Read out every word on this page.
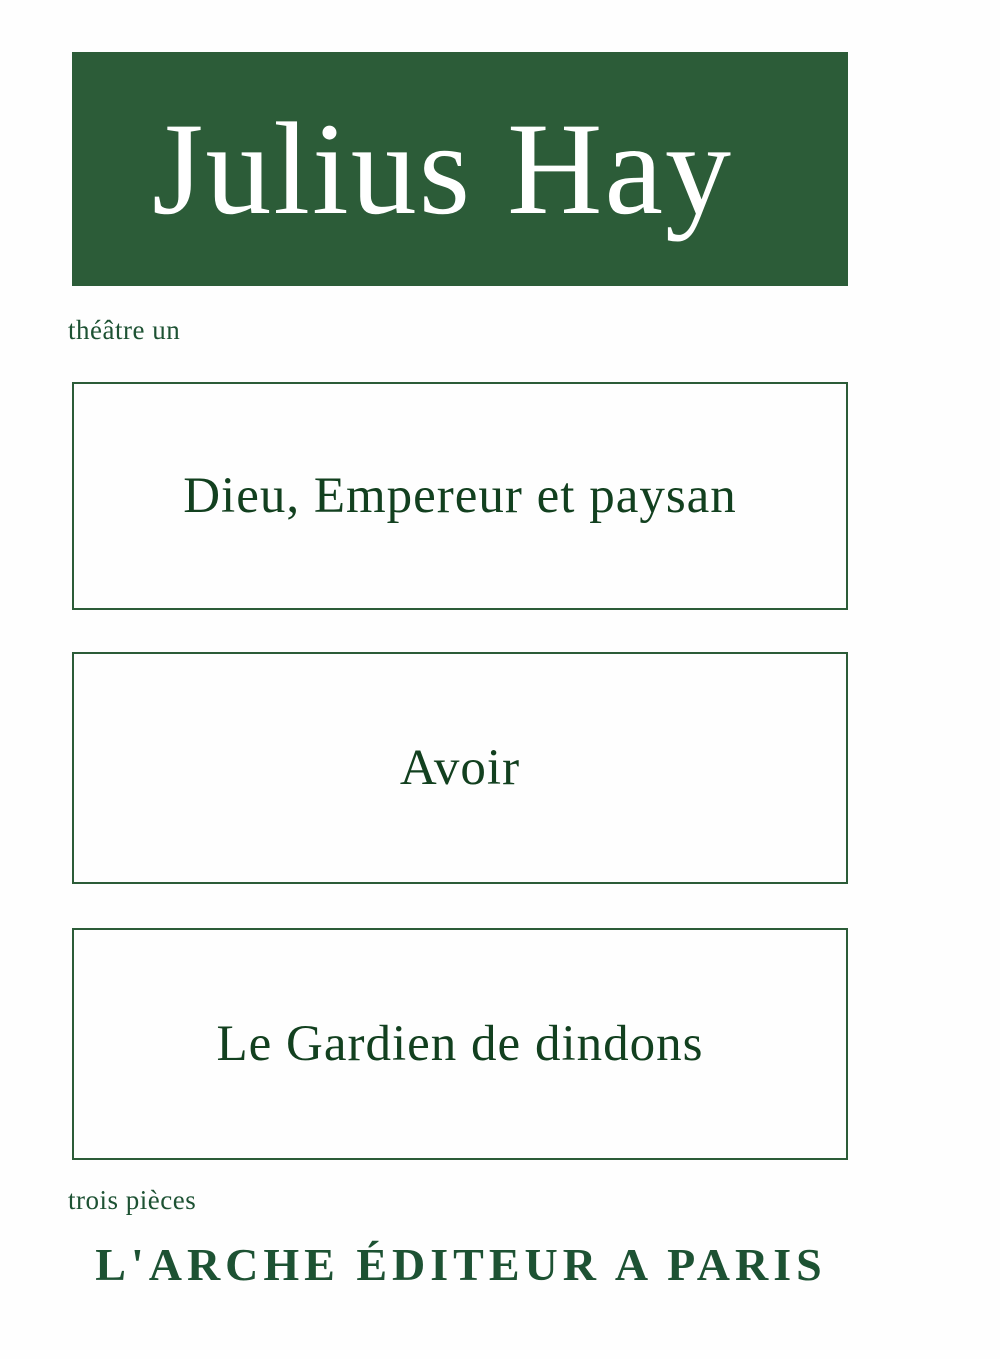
Julius Hay
théâtre un
Dieu, Empereur et paysan
Avoir
Le Gardien de dindons
trois pièces
L'ARCHE ÉDITEUR A PARIS
